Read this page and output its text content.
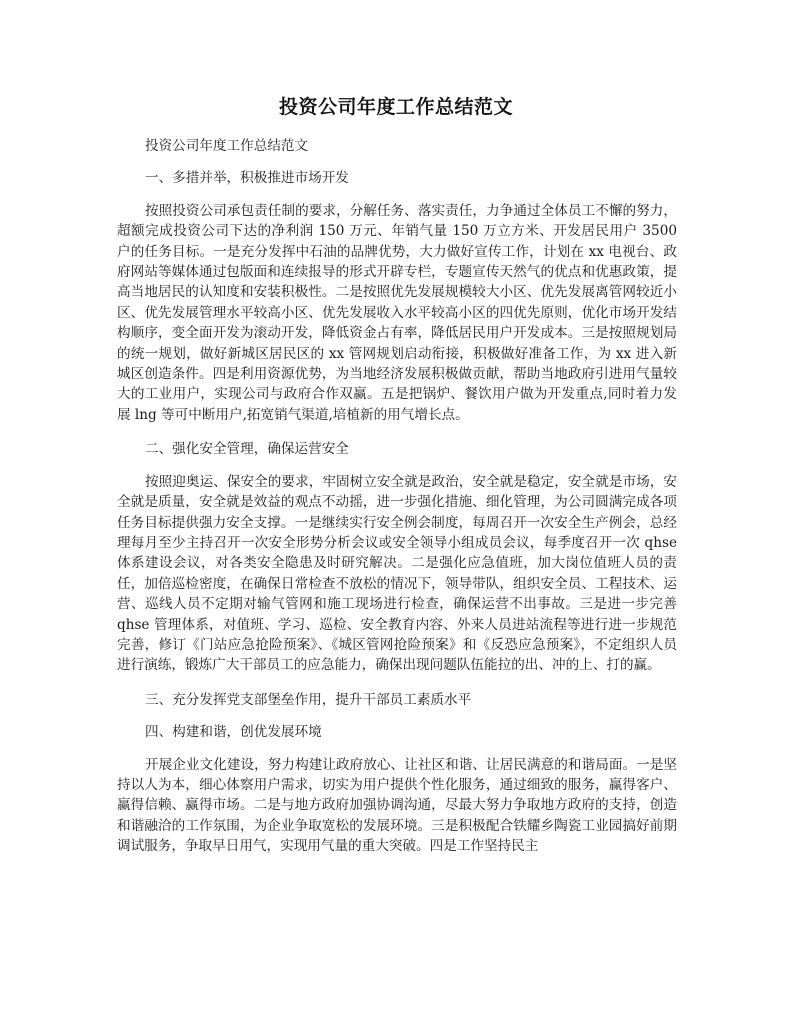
投资公司年度工作总结范文

投资公司年度工作总结范文

一、多措并举，积极推进市场开发

按照投资公司承包责任制的要求，分解任务、落实责任，力争通过全体员工不懈的努力，超额完成投资公司下达的净利润 150 万元、年销气量 150 万立方米、开发居民用户 3500 户的任务目标。一是充分发挥中石油的品牌优势，大力做好宣传工作，计划在 xx 电视台、政府网站等媒体通过包版面和连续报导的形式开辟专栏，专题宣传天然气的优点和优惠政策，提高当地居民的认知度和安装积极性。二是按照优先发展规模较大小区、优先发展离管网较近小区、优先发展管理水平较高小区、优先发展收入水平较高小区的四优先原则，优化市场开发结构顺序，变全面开发为滚动开发，降低资金占有率，降低居民用户开发成本。三是按照规划局的统一规划，做好新城区居民区的 xx 管网规划启动衔接，积极做好准备工作，为 xx 进入新城区创造条件。四是利用资源优势，为当地经济发展积极做贡献，帮助当地政府引进用气量较大的工业用户，实现公司与政府合作双赢。五是把锅炉、餐饮用户做为开发重点,同时着力发展 lng 等可中断用户,拓宽销气渠道,培植新的用气增长点。

二、强化安全管理，确保运营安全

按照迎奥运、保安全的要求，牢固树立安全就是政治，安全就是稳定，安全就是市场，安全就是质量，安全就是效益的观点不动摇，进一步强化措施、细化管理，为公司圆满完成各项任务目标提供强力安全支撑。一是继续实行安全例会制度，每周召开一次安全生产例会，总经理每月至少主持召开一次安全形势分析会议或安全领导小组成员会议，每季度召开一次 qhse 体系建设会议，对各类安全隐患及时研究解决。二是强化应急值班，加大岗位值班人员的责任，加倍巡检密度，在确保日常检查不放松的情况下，领导带队，组织安全员、工程技术、运营、巡线人员不定期对输气管网和施工现场进行检查，确保运营不出事故。三是进一步完善 qhse 管理体系，对值班、学习、巡检、安全教育内容、外来人员进站流程等进行进一步规范完善，修订《门站应急抢险预案》、《城区管网抢险预案》和《反恐应急预案》，不定组织人员进行演练，锻炼广大干部员工的应急能力，确保出现问题队伍能拉的出、冲的上、打的赢。

三、充分发挥党支部堡垒作用，提升干部员工素质水平

四、构建和谐，创优发展环境

开展企业文化建设，努力构建让政府放心、让社区和谐、让居民满意的和谐局面。一是坚持以人为本，细心体察用户需求，切实为用户提供个性化服务，通过细致的服务，赢得客户、赢得信赖、赢得市场。二是与地方政府加强协调沟通，尽最大努力争取地方政府的支持，创造和谐融洽的工作氛围，为企业争取宽松的发展环境。三是积极配合铁耀乡陶瓷工业园搞好前期调试服务，争取早日用气，实现用气量的重大突破。四是工作坚持民主
